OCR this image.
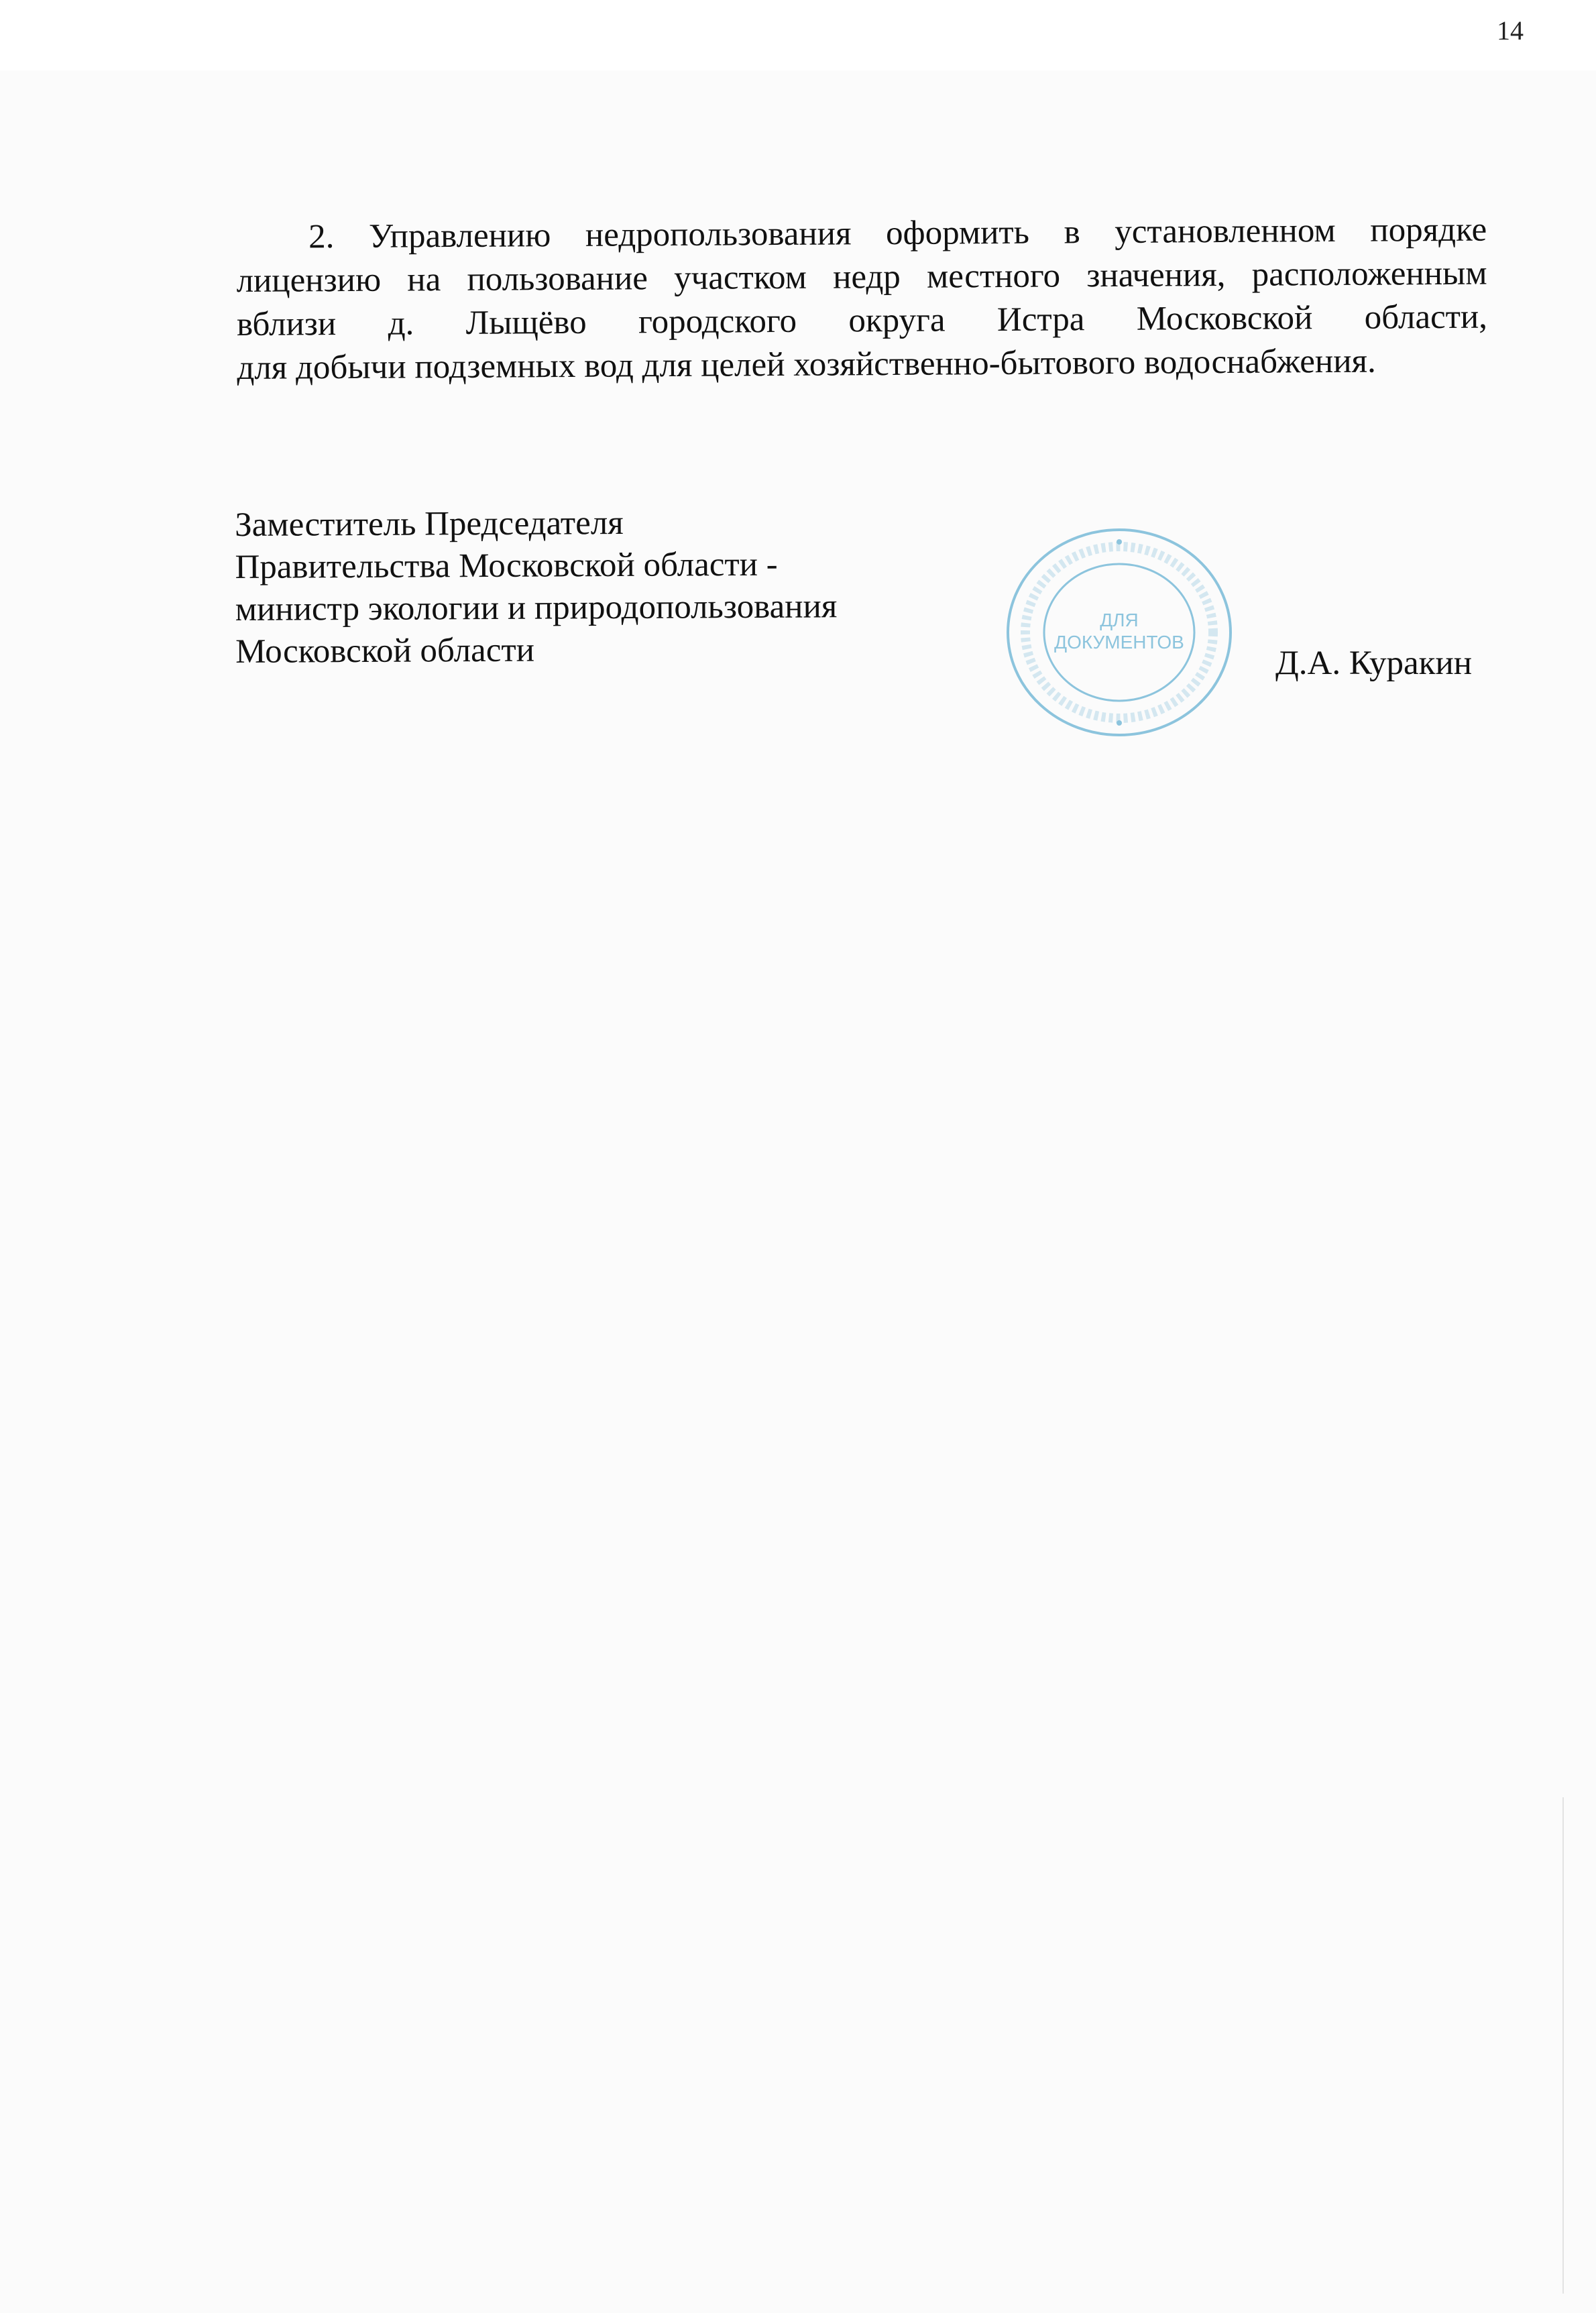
14
2. Управлению недропользования оформить в установленном порядке
лицензию на пользование участком недр местного значения, расположенным
вблизи д. Лыщёво городского округа Истра Московской области,
для добычи подземных вод для целей хозяйственно-бытового водоснабжения.
Заместитель Председателя
Правительства Московской области -
министр экологии и природопользования
Московской области
ДЛЯ
ДОКУМЕНТОВ
Д.А. Куракин
